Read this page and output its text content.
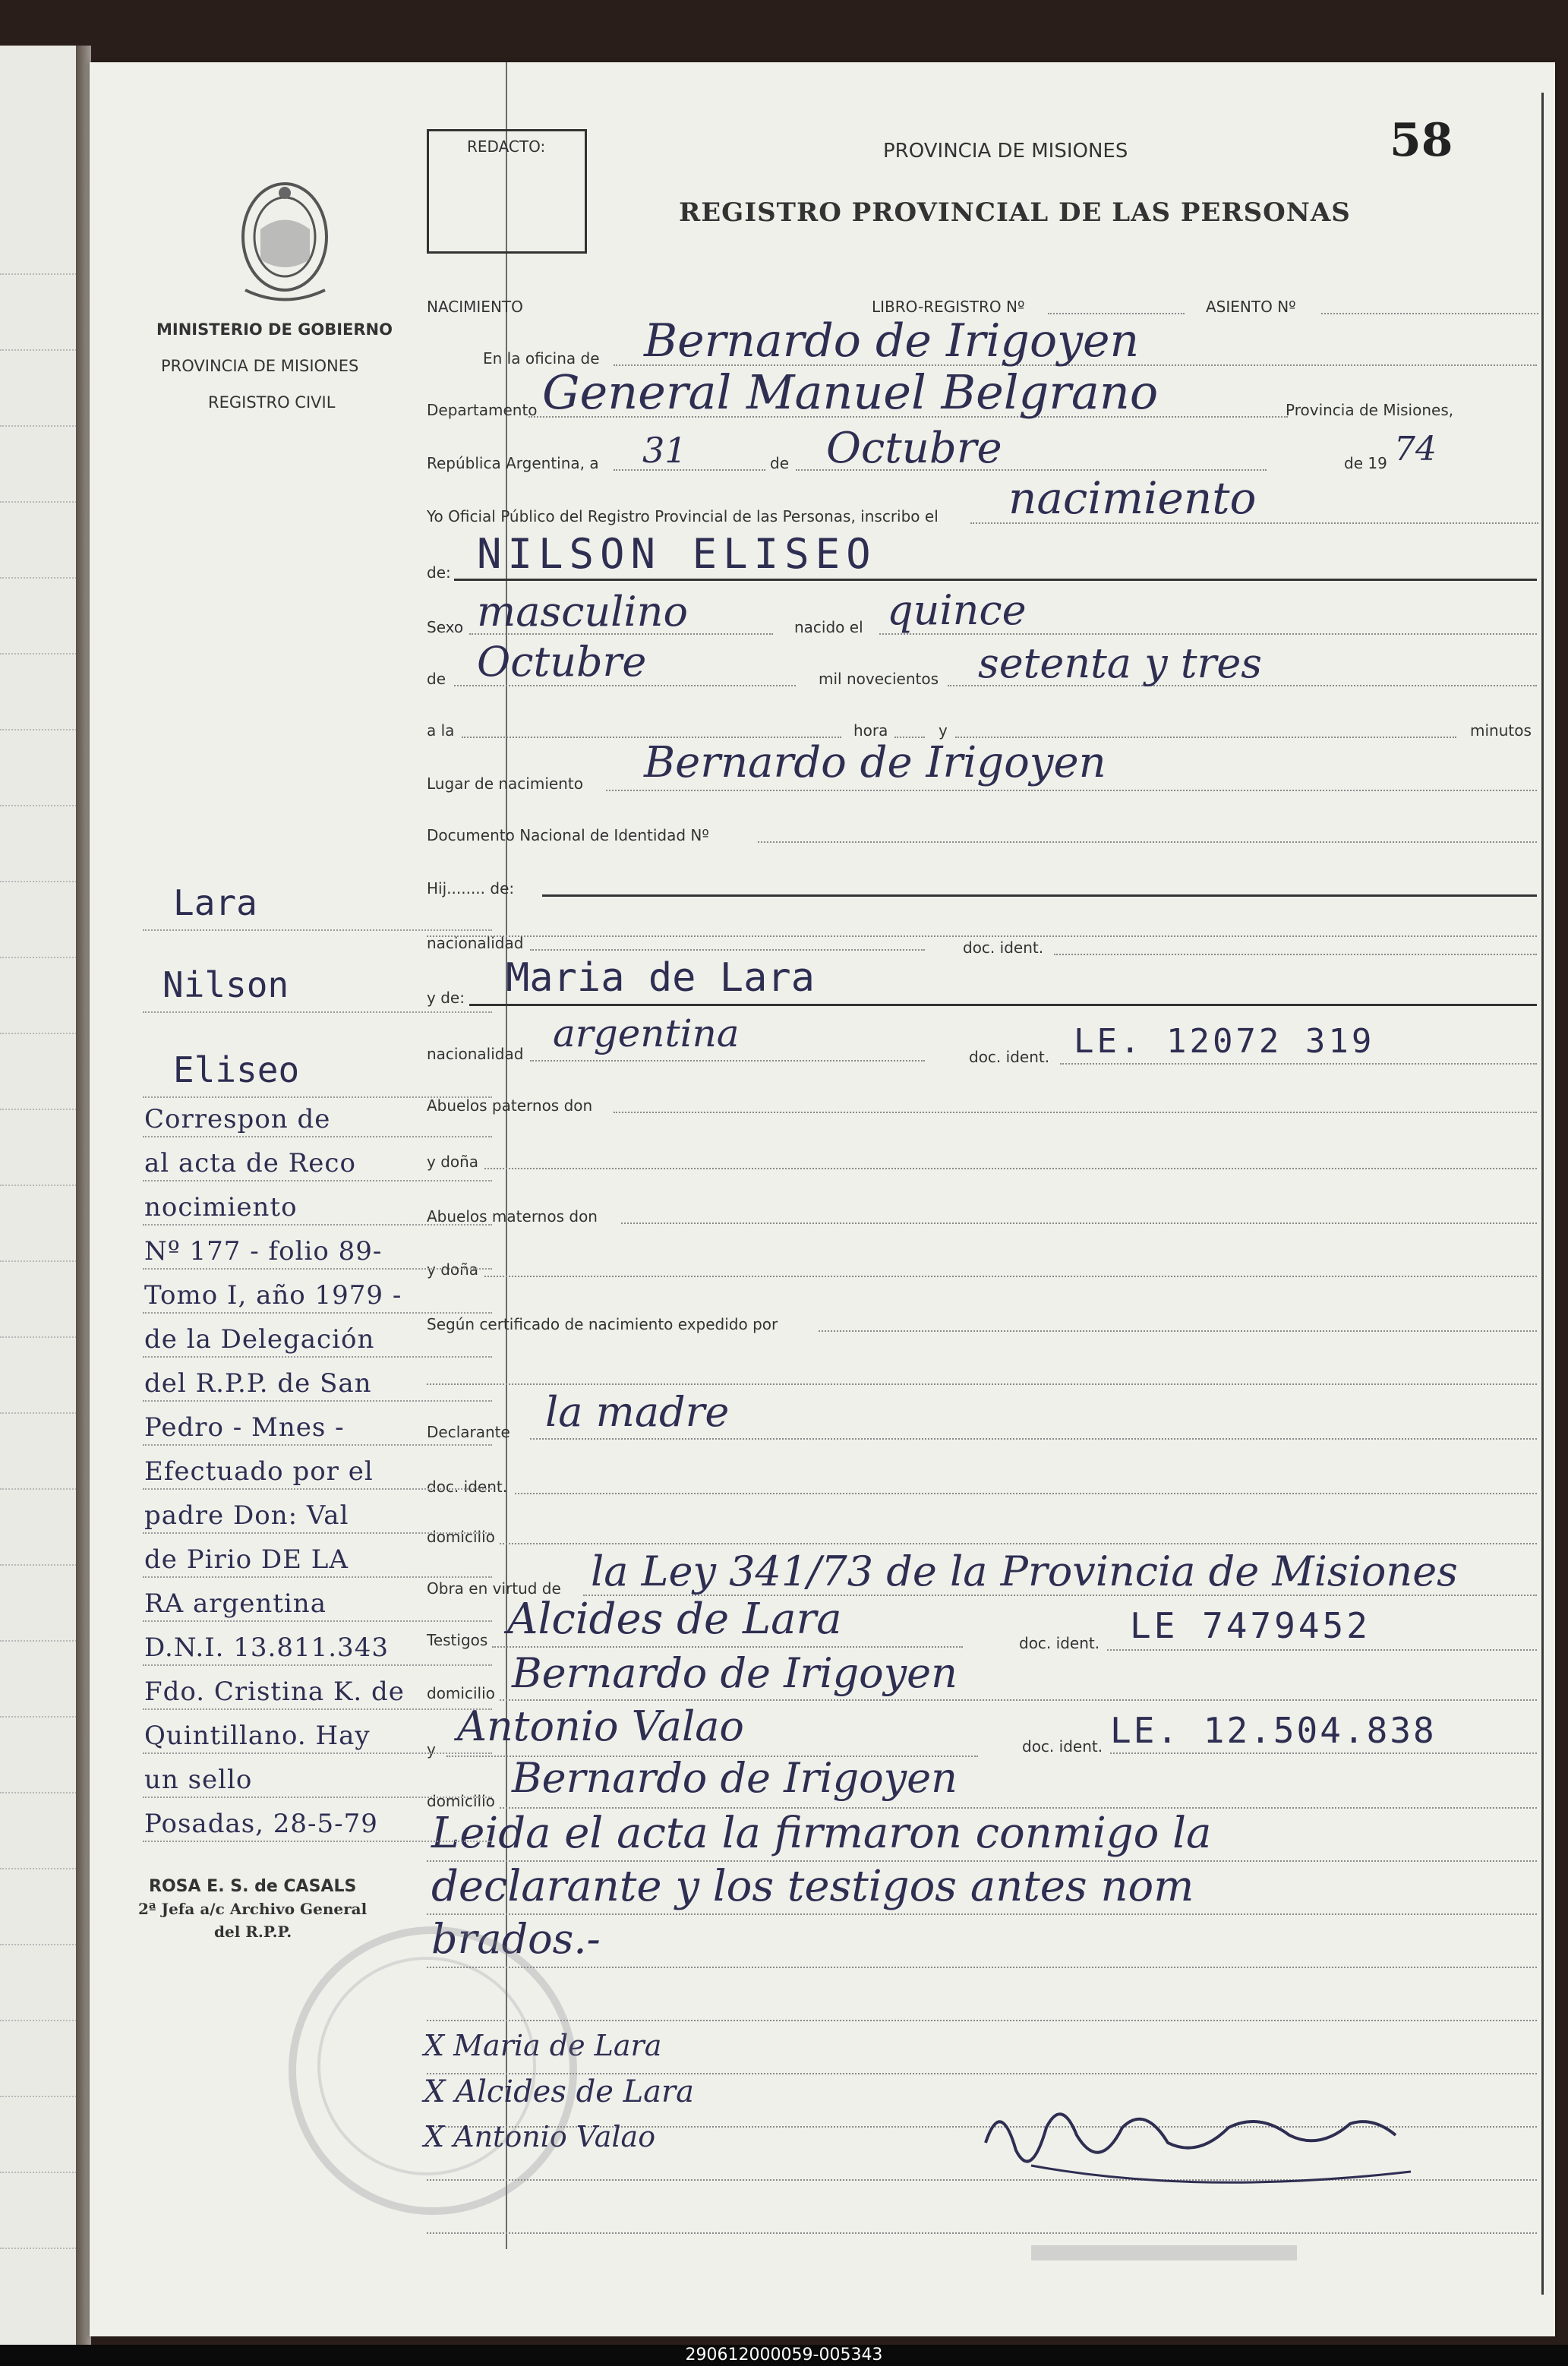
REDACTO:	PROVINCIA DE MISIONES	58
REGISTRO PROVINCIAL DE LAS PERSONAS
MINISTERIO DE GOBIERNO
PROVINCIA DE MISIONES
REGISTRO CIVIL
NACIMIENTO	LIBRO-REGISTRO Nº	ASIENTO Nº
En la oficina de Bernardo de Irigoyen
Departamento General Manuel Belgrano	Provincia de Misiones,
República Argentina, a 31	de Octubre	de 19 74
Yo Oficial Público del Registro Provincial de las Personas, inscribo el nacimiento
de: NILSON ELISEO
Sexo masculino	nacido el quince
de Octubre	mil novecientos setenta y tres
a la	hora	y	minutos
Lugar de nacimiento Bernardo de Irigoyen
Documento Nacional de Identidad Nº
Hij........ de:
nacionalidad	doc. ident.
y de: Maria de Lara
nacionalidad argentina
doc. ident. LE. 12072 319
Abuelos paternos don
y doña
Abuelos maternos don
y doña
Según certificado de nacimiento expedido por
Declarante la madre
doc. ident.
domicilio
Obra en virtud de la Ley 341/73 de la Provincia de Misiones
Testigos Alcides de Lara	doc. ident. LE 7479452
domicilio Bernardo de Irigoyen
y Antonio Valao	doc. ident. LE. 12.504.838
domicilio Bernardo de Irigoyen
Leida el acta la firmaron conmigo la
declarante y los testigos antes nom
brados.-
X Maria de Lara
X Alcides de Lara
X Antonio Valao
Lara
Nilson
Eliseo
Correspon de
al acta de Reco
nocimiento
Nº 177 - folio 89-
Tomo I, año 1979 -
de la Delegación
del R.P.P. de San
Pedro - Mnes -
Efectuado por el
padre Don: Val
de Pirio DE LA
RA argentina
D.N.I. 13.811.343
Fdo. Cristina K. de
Quintillano. Hay
un sello
Posadas, 28-5-79
ROSA E. S. de CASALS
2ª Jefa a/c Archivo General
del R.P.P.
290612000059-005343
